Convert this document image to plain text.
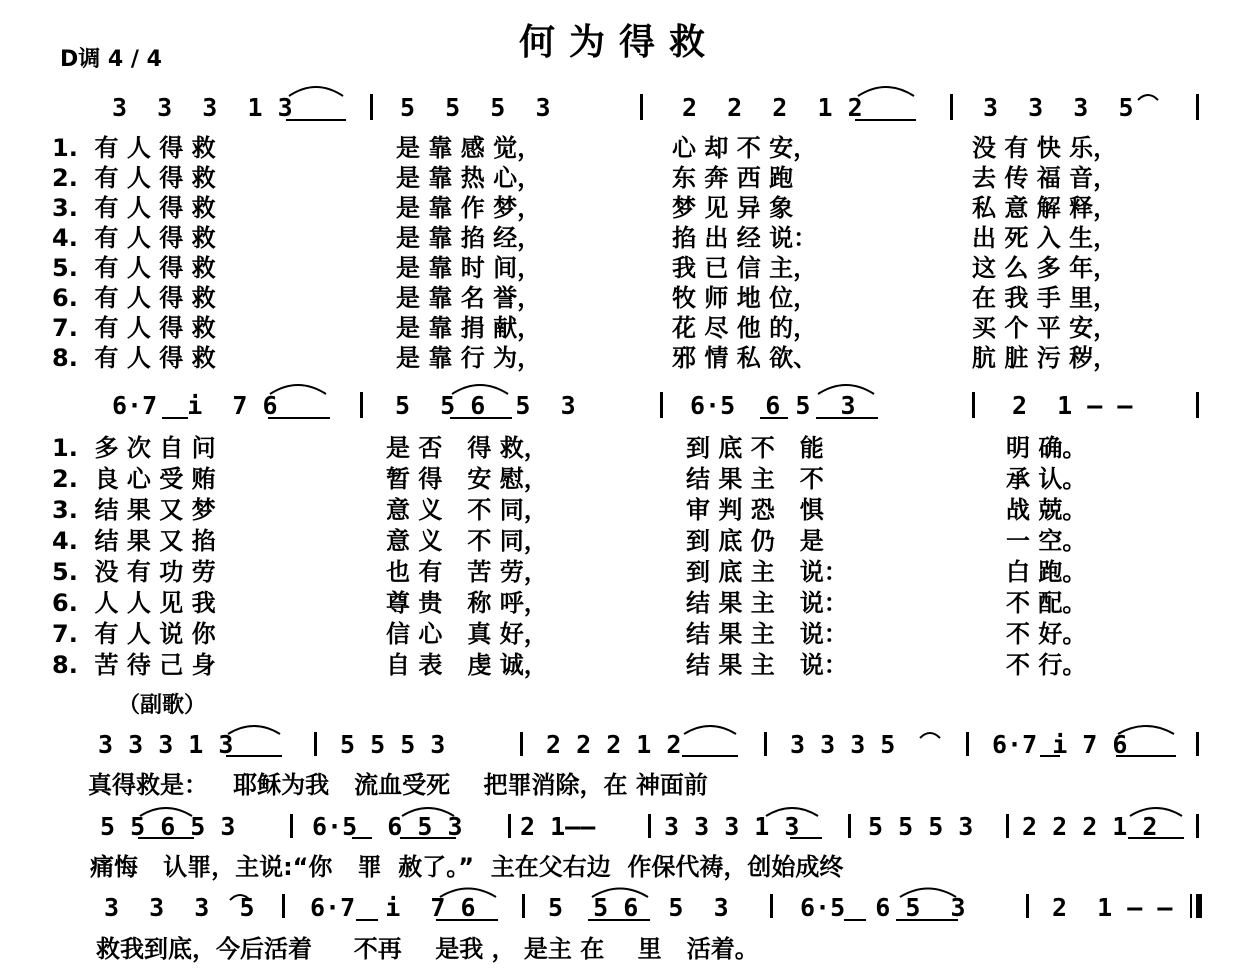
何为得救
D调 4 / 4
3  3  3  1 3	5  5  5  3	2  2  2  1 2	3  3  3  5
1.  有 人 得 救	是 靠 感 觉，	心 却 不 安，	没 有 快 乐，
2.  有 人 得 救	是 靠 热 心，	东 奔 西 跑	去 传 福 音，
3.  有 人 得 救	是 靠 作 梦，	梦 见 异 象	私 意 解 释，
4.  有 人 得 救	是 靠 掐 经，	掐 出 经 说：	出 死 入 生，
5.  有 人 得 救	是 靠 时 间，	我 已 信 主，	这 么 多 年，
6.  有 人 得 救	是 靠 名 誉，	牧 师 地 位，	在 我 手 里，
7.  有 人 得 救	是 靠 捐 献，	花 尽 他 的，	买 个 平 安，
8.  有 人 得 救	是 靠 行 为，	邪 情 私 欲、	肮 脏 污 秽，
6·7  i  7 6	5  5 6  5  3	6·5  6 5  3	2  1 — —
1.  多 次 自 问	是 否   得 救，	到 底 不   能	明 确。
2.  良 心 受 贿	暂 得   安 慰，	结 果 主   不	承 认。
3.  结 果 又 梦	意 义   不 同，	审 判 恐   惧	战 兢。
4.  结 果 又 掐	意 义   不 同，	到 底 仍   是	一 空。
5.  没 有 功 劳	也 有   苦 劳，	到 底 主   说：	白 跑。
6.  人 人 见 我	尊 贵   称 呼，	结 果 主   说：	不 配。
7.  有 人 说 你	信 心   真 好，	结 果 主   说：	不 好。
8.  苦 待 己 身	自 表   虔 诚，	结 果 主   说：	不 行。
（副歌）
3 3 3 1 3	5 5 5 3	2 2 2 1 2	3 3 3 5	6·7 i 7 6
真得救是：   耶稣为我   流血受死    把罪消除，在 神面前
5 5 6 5 3	6·5  6 5 3 2 1——	3 3 3 1 3	5 5 5 3 2 2 2 1 2
痛悔   认罪，主说:“你   罪  赦了。”  主在父右边  作保代祷，创始成终
3  3  3  5 6·7  i  7 6	5  5 6  5  3	6·5  6 5  3	2  1 — —
救我到底，今后活着     不再    是我 ， 是主 在    里   活着。
